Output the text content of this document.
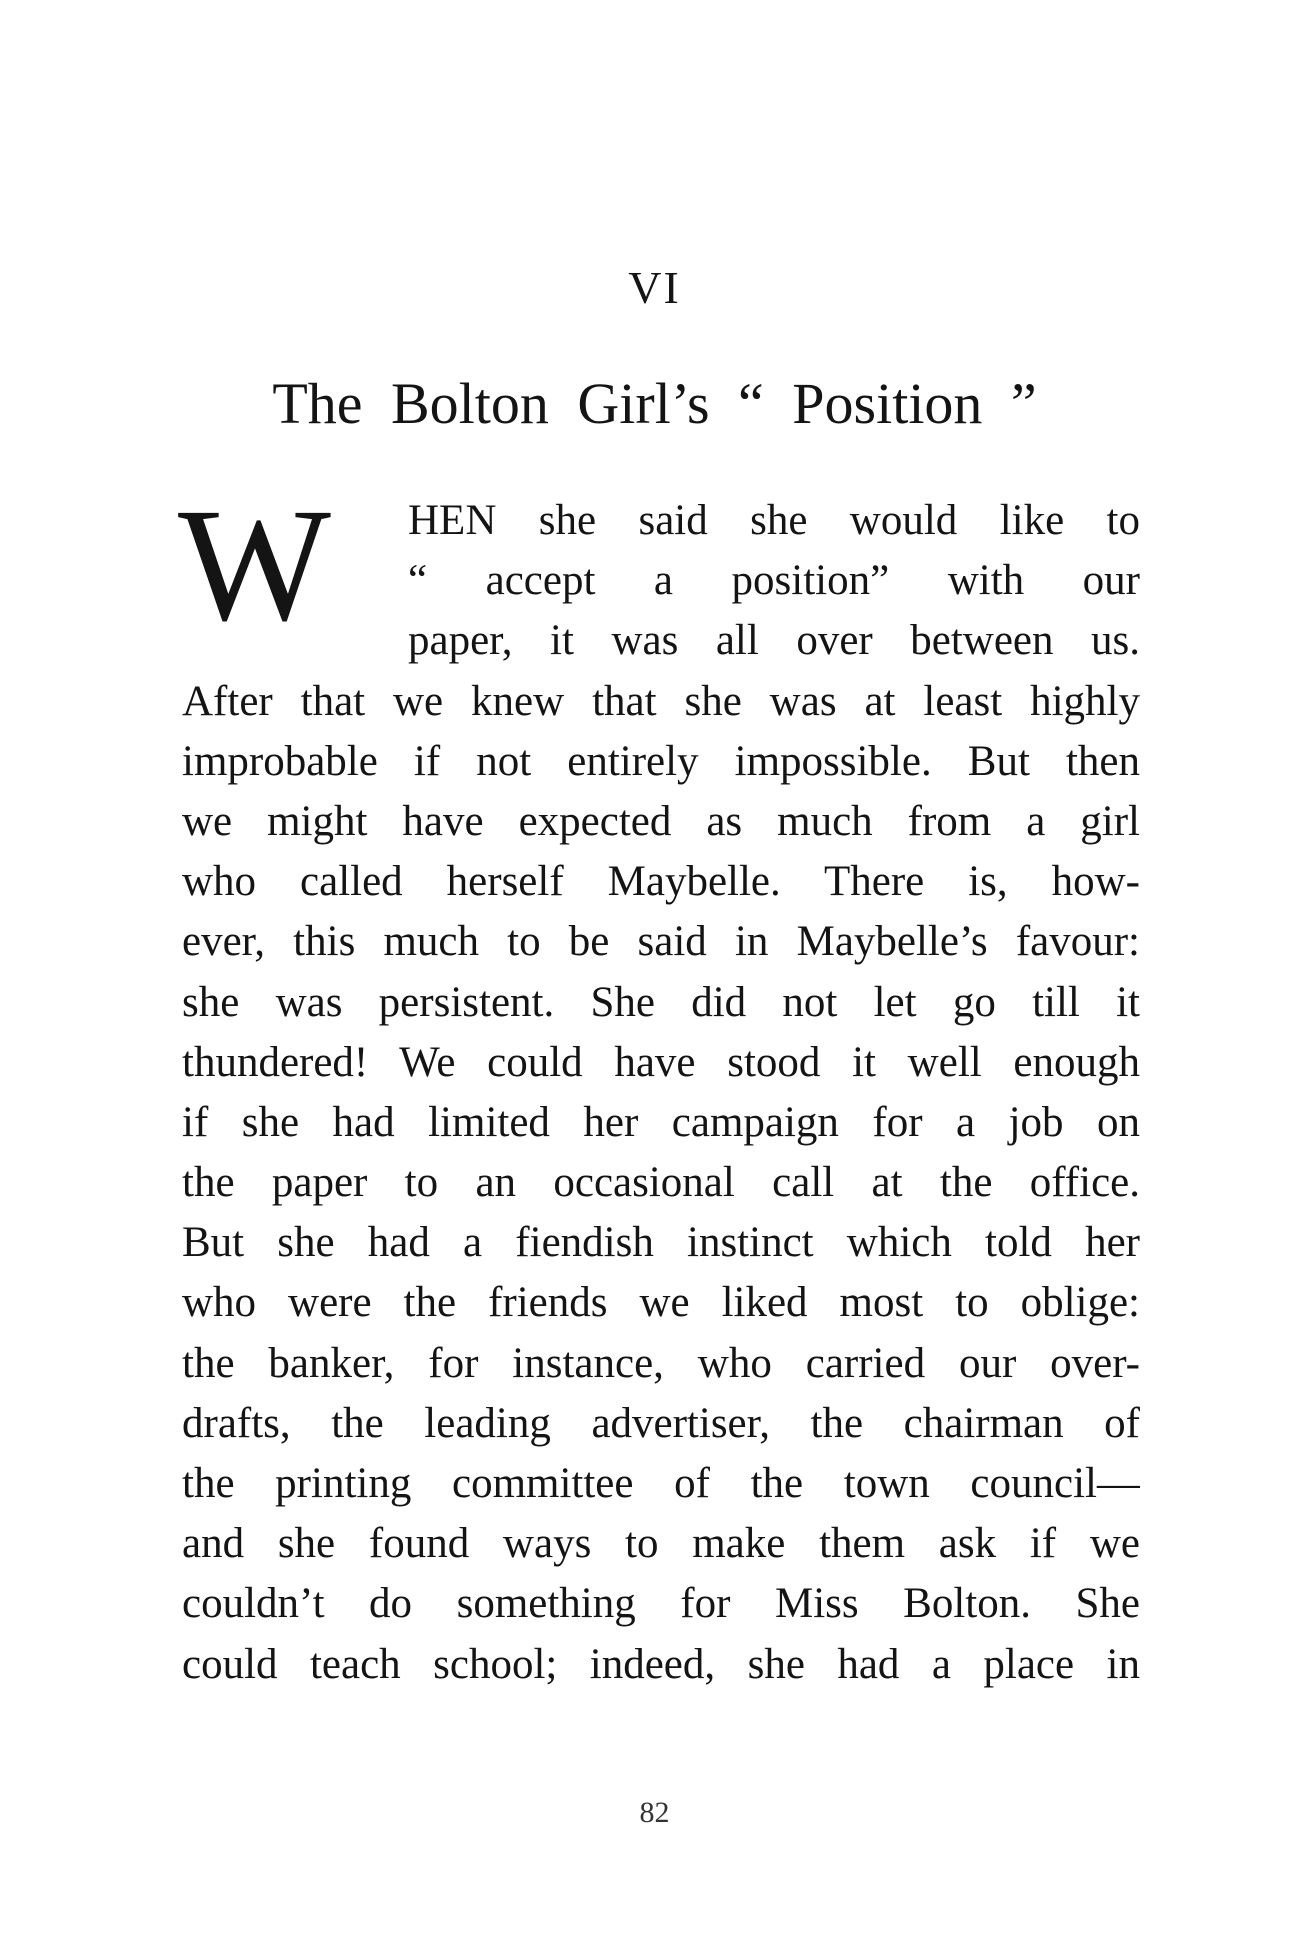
VI
The Bolton Girl’s “ Position ”
W HEN she said she would like to
“ accept a position” with our
paper, it was all over between us.
After that we knew that she was at least highly
improbable if not entirely impossible. But then
we might have expected as much from a girl
who called herself Maybelle. There is, how-
ever, this much to be said in Maybelle’s favour:
she was persistent. She did not let go till it
thundered! We could have stood it well enough
if she had limited her campaign for a job on
the paper to an occasional call at the office.
But she had a fiendish instinct which told her
who were the friends we liked most to oblige:
the banker, for instance, who carried our over-
drafts, the leading advertiser, the chairman of
the printing committee of the town council—
and she found ways to make them ask if we
couldn’t do something for Miss Bolton. She
could teach school; indeed, she had a place in
82
